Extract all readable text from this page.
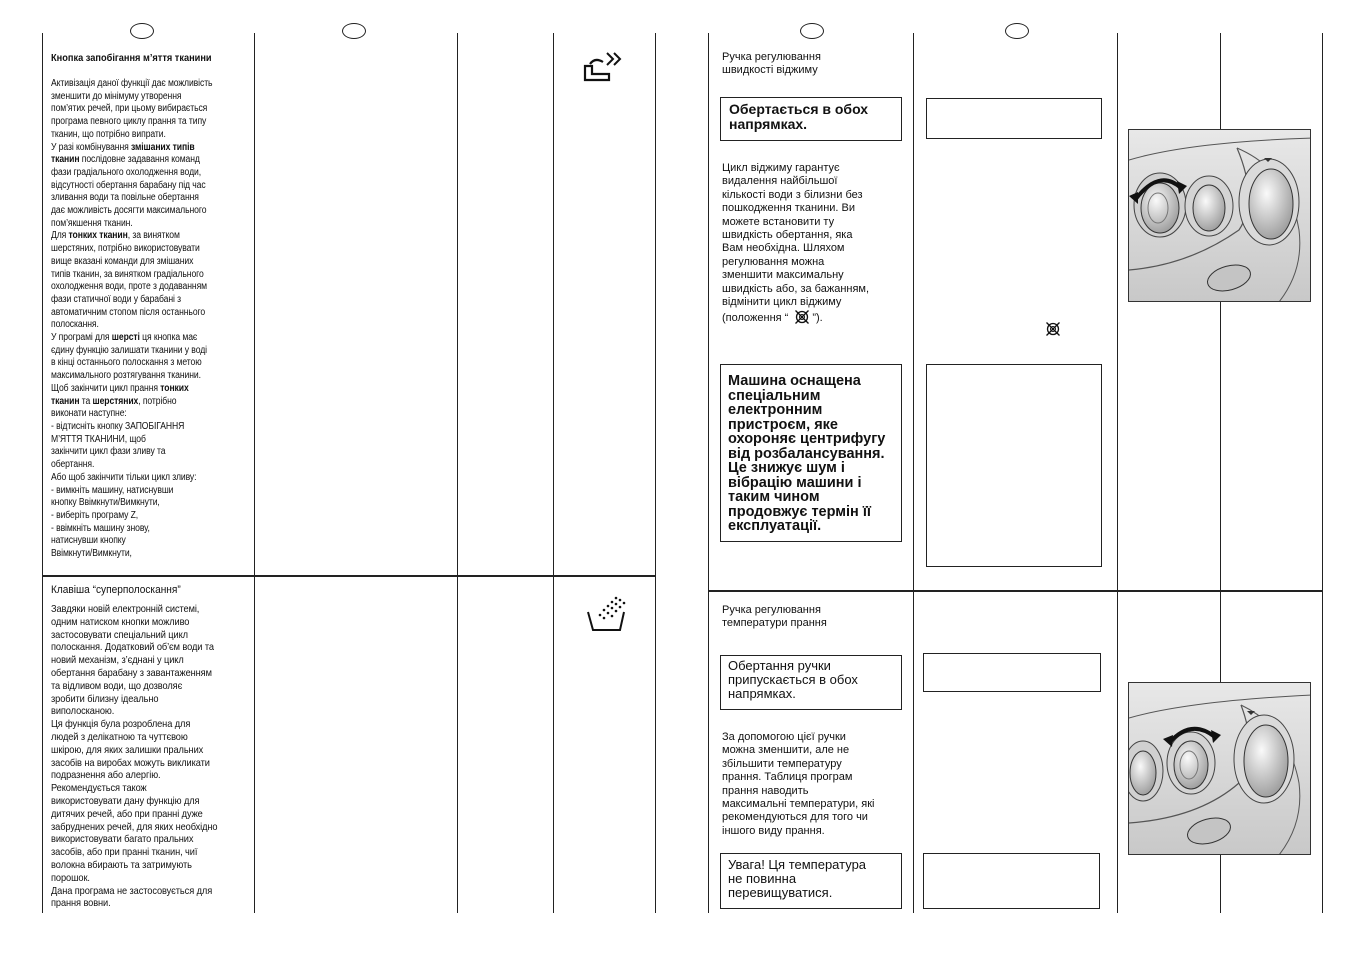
Кнопка запобігання м’яття тканини
Активізація даної функції дає можливість
зменшити до мінімуму утворення
пом’ятих речей, при цьому вибирається
програма певного циклу прання та типу
тканин, що потрібно випрати.
У разі комбінування змішаних типів
тканин послідовне задавання команд
фази градіального охолодження води,
відсутності обертання барабану під час
зливання води та повільне обертання
дає можливість досягти максимального
пом’якшення тканин.
Для тонких тканин, за винятком
шерстяних, потрібно використовувати
вище вказані команди для змішаних
типів тканин, за винятком градіального
охолодження води, проте з додаванням
фази статичної води у барабані з
автоматичним стопом після останнього
полоскання.
У програмі для шерсті ця кнопка має
єдину функцію залишати тканини у воді
в кінці останнього полоскання з метою
максимального розтягування тканини.
Щоб закінчити цикл прання тонких
тканин та шерстяних, потрібно
виконати наступне:
- відтисніть кнопку ЗАПОБІГАННЯ
М’ЯТТЯ ТКАНИНИ, щоб
закінчити цикл фази зливу та
обертання.
Або щоб закінчити тільки цикл зливу:
- вимкніть машину, натиснувши
кнопку Ввімкнути/Вимкнути,
- виберіть програму Z,
- ввімкніть машину знову,
натиснувши кнопку
Ввімкнути/Вимкнути,
Клавіша “суперполоскання”
Завдяки новій електронній системі,
одним натиском кнопки можливо
застосовувати спеціальний цикл
полоскання. Додатковий об’єм води та
новий механізм, з’єднані у цикл
обертання барабану з завантаженням
та відливом води, що дозволяє
зробити білизну ідеально
виполосканою.
Ця функція була розроблена для
людей з делікатною та чуттєвою
шкірою, для яких залишки пральних
засобів на виробах можуть викликати
подразнення або алергію.
Рекомендується також
використовувати дану функцію для
дитячих речей, або при пранні дуже
забруднених речей, для яких необхідно
використовувати багато пральних
засобів, або при пранні тканин, чиї
волокна вбирають та затримують
порошок.
Дана програма не застосовується для
прання вовни.
Ручка регулювання
швидкості віджиму
Обертається в обох
напрямках.
Цикл віджиму гарантує
видалення найбільшої
кількості води з білизни без
пошкодження тканини. Ви
можете встановити ту
швидкість обертання, яка
Вам необхідна. Шляхом
регулювання можна
зменшити максимальну
швидкість або, за бажанням,
відмінити цикл віджиму
(положення “ ”).
Машина оснащена
спеціальним
електронним
пристроєм, яке
охороняє центрифугу
від розбалансування.
Це знижує шум і
вібрацію машини і
таким чином
продовжує термін її
експлуатації.
Ручка регулювання
температури прання
Обертання ручки
припускається в обох
напрямках.
За допомогою цієї ручки
можна зменшити, але не
збільшити температуру
прання. Таблиця програм
прання наводить
максимальні температури, які
рекомендуються для того чи
іншого виду прання.
Увага! Ця температура
не повинна
перевищуватися.
